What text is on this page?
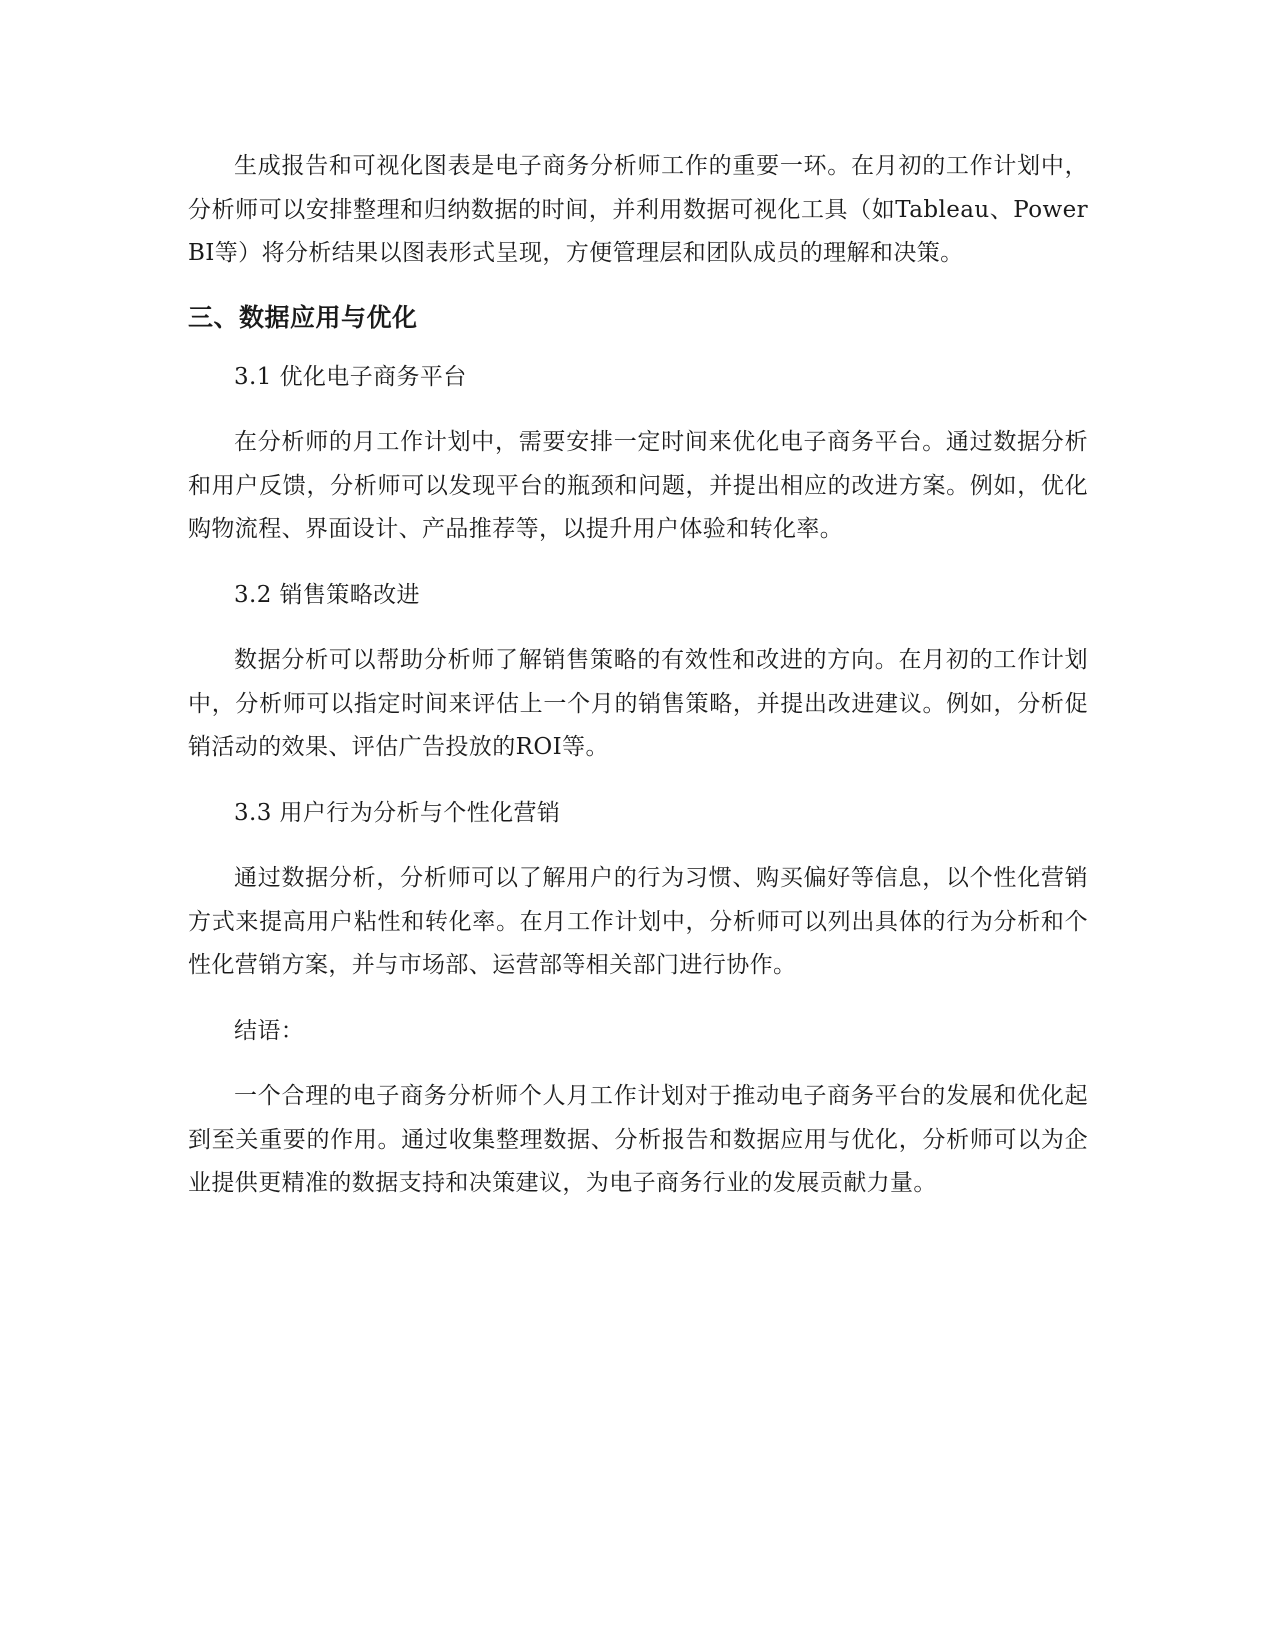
生成报告和可视化图表是电子商务分析师工作的重要一环。在月初的工作计划中，分析师可以安排整理和归纳数据的时间，并利用数据可视化工具（如Tableau、Power BI等）将分析结果以图表形式呈现，方便管理层和团队成员的理解和决策。

三、数据应用与优化

3.1 优化电子商务平台

在分析师的月工作计划中，需要安排一定时间来优化电子商务平台。通过数据分析和用户反馈，分析师可以发现平台的瓶颈和问题，并提出相应的改进方案。例如，优化购物流程、界面设计、产品推荐等，以提升用户体验和转化率。

3.2 销售策略改进

数据分析可以帮助分析师了解销售策略的有效性和改进的方向。在月初的工作计划中，分析师可以指定时间来评估上一个月的销售策略，并提出改进建议。例如，分析促销活动的效果、评估广告投放的ROI等。

3.3 用户行为分析与个性化营销

通过数据分析，分析师可以了解用户的行为习惯、购买偏好等信息，以个性化营销方式来提高用户粘性和转化率。在月工作计划中，分析师可以列出具体的行为分析和个性化营销方案，并与市场部、运营部等相关部门进行协作。

结语：

一个合理的电子商务分析师个人月工作计划对于推动电子商务平台的发展和优化起到至关重要的作用。通过收集整理数据、分析报告和数据应用与优化，分析师可以为企业提供更精准的数据支持和决策建议，为电子商务行业的发展贡献力量。
